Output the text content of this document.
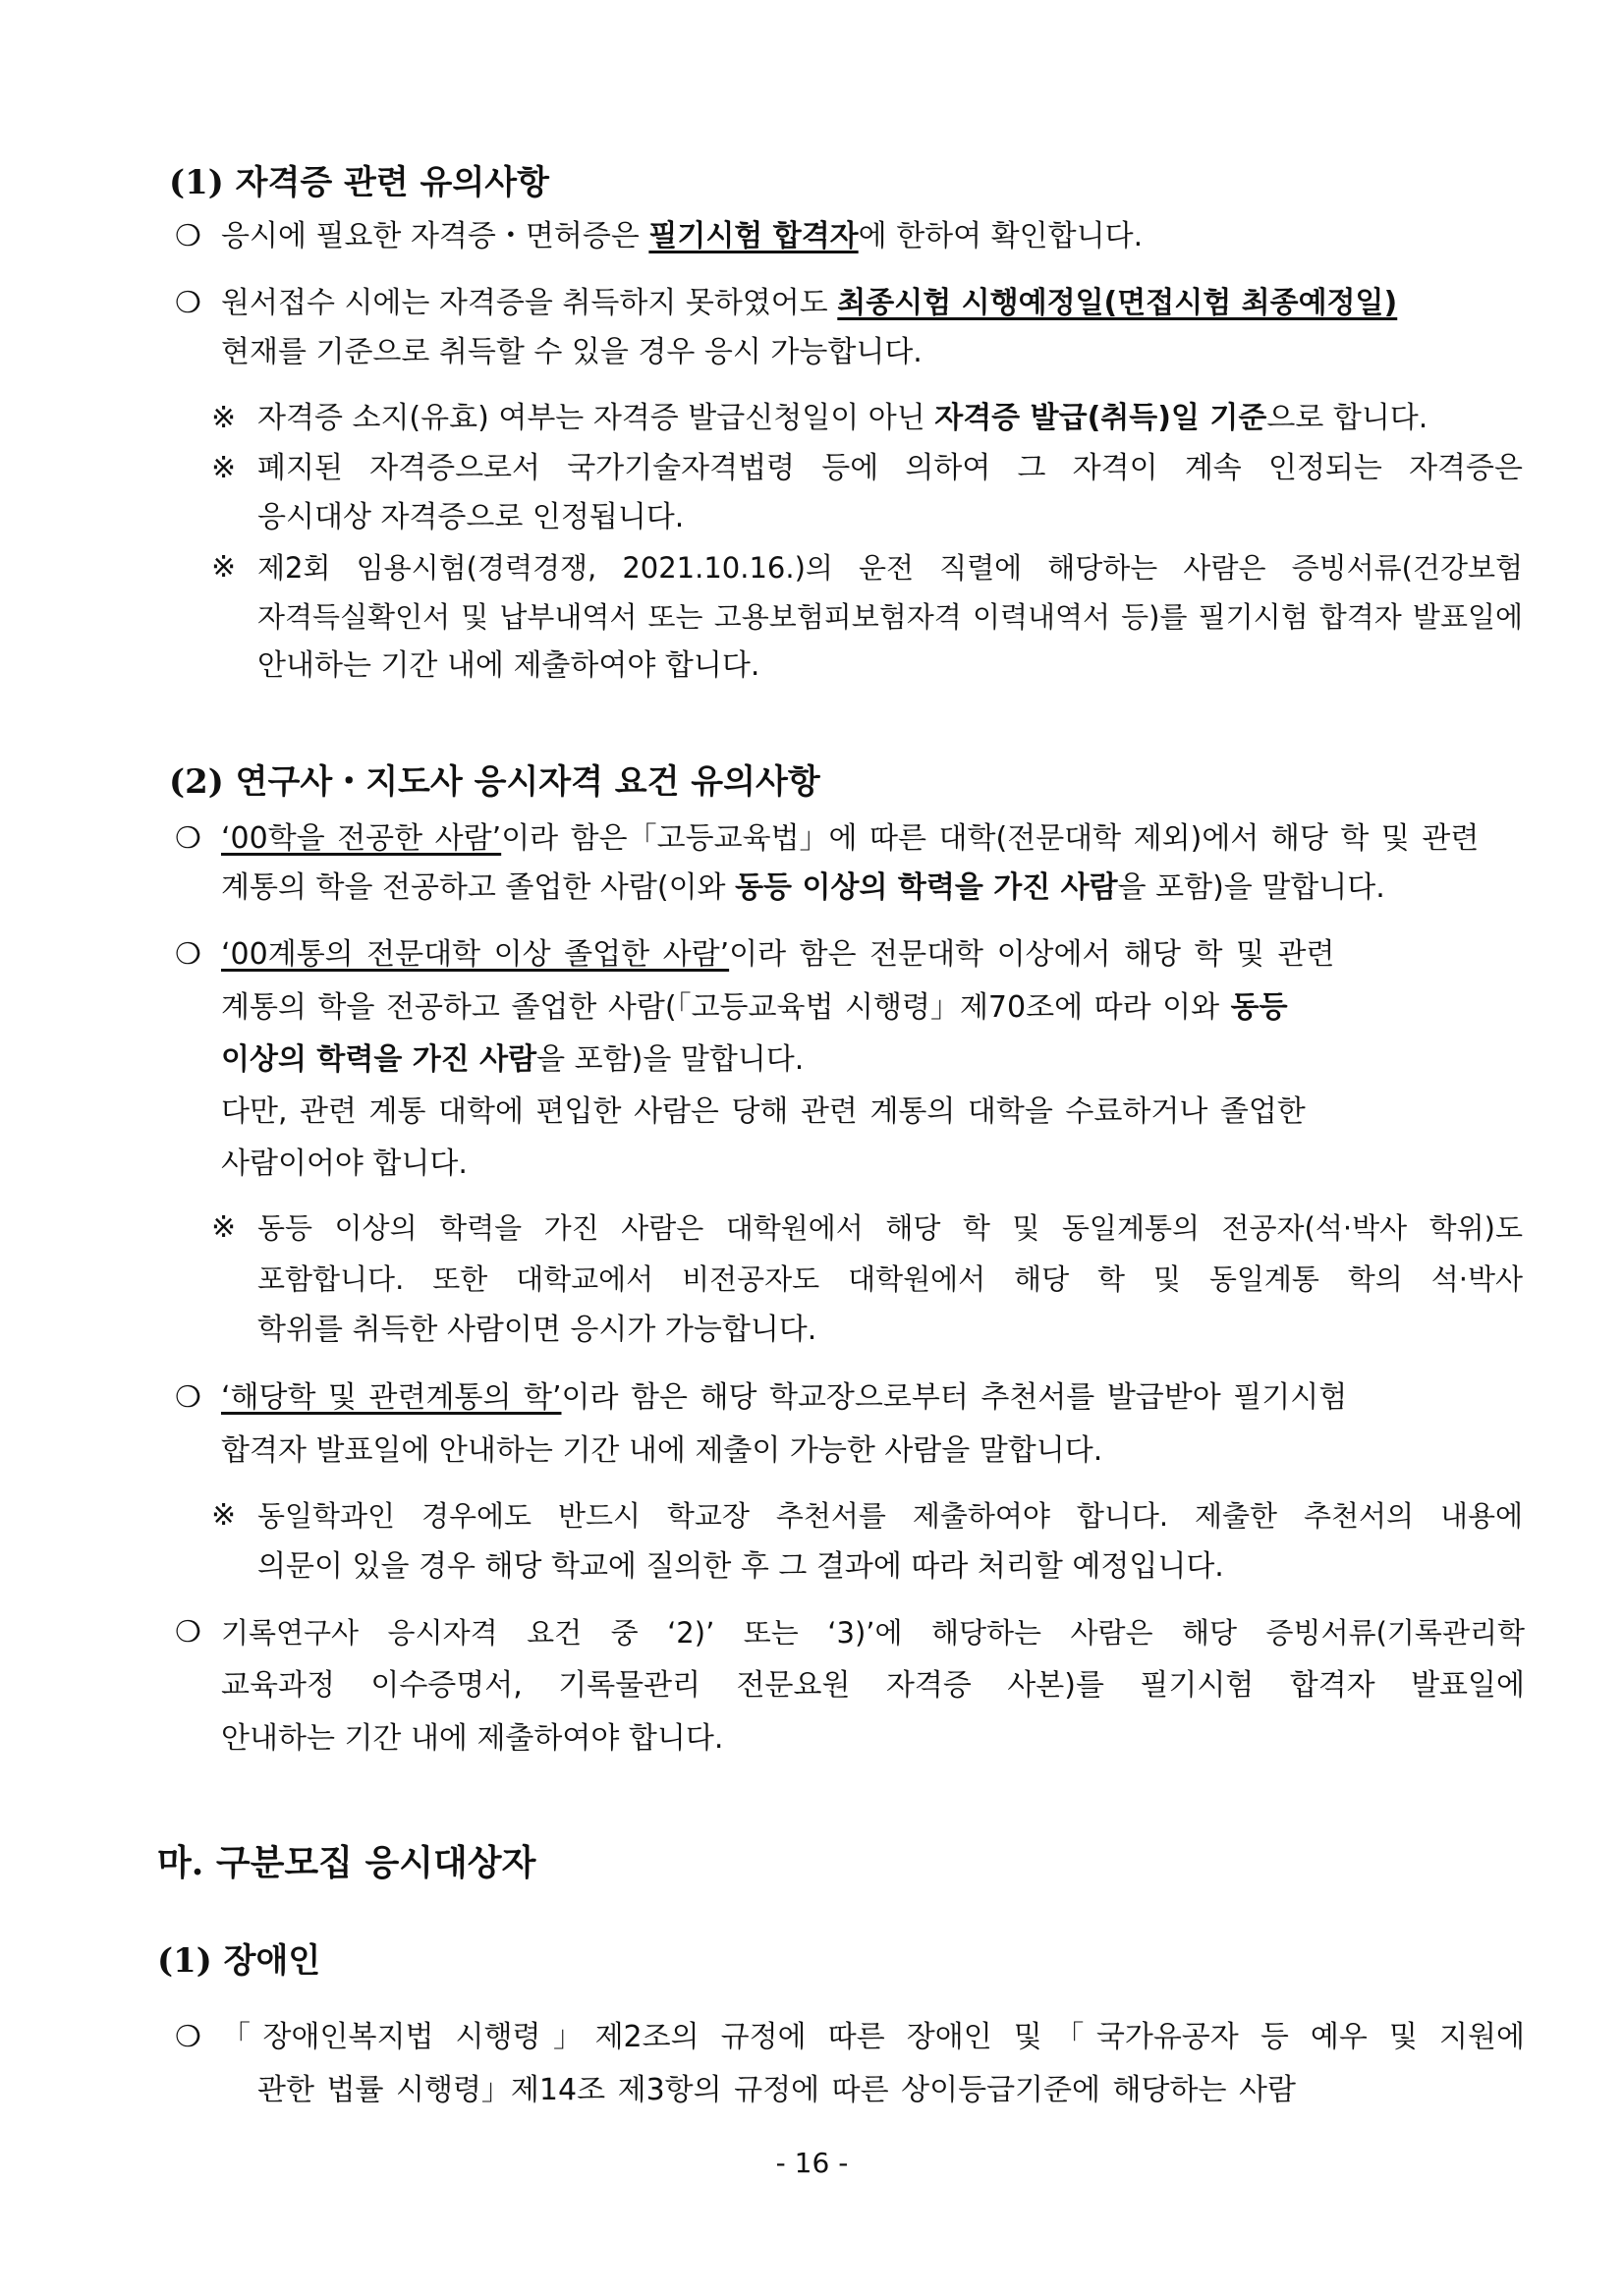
(1) 자격증 관련 유의사항
❍ 응시에 필요한 자격증・면허증은 필기시험 합격자에 한하여 확인합니다.
❍ 원서접수 시에는 자격증을 취득하지 못하였어도 최종시험 시행예정일(면접시험 최종예정일)
현재를 기준으로 취득할 수 있을 경우 응시 가능합니다.
※ 자격증 소지(유효) 여부는 자격증 발급신청일이 아닌 자격증 발급(취득)일 기준으로 합니다.
※ 폐지된 자격증으로서 국가기술자격법령 등에 의하여 그 자격이 계속 인정되는 자격증은
응시대상 자격증으로 인정됩니다.
※ 제2회 임용시험(경력경쟁, 2021.10.16.)의 운전 직렬에 해당하는 사람은 증빙서류(건강보험
자격득실확인서 및 납부내역서 또는 고용보험피보험자격 이력내역서 등)를 필기시험 합격자 발표일에
안내하는 기간 내에 제출하여야 합니다.
(2) 연구사・지도사 응시자격 요건 유의사항
❍ ‘00학을 전공한 사람’이라 함은「고등교육법」에 따른 대학(전문대학 제외)에서 해당 학 및 관련
계통의 학을 전공하고 졸업한 사람(이와 동등 이상의 학력을 가진 사람을 포함)을 말합니다.
❍ ‘00계통의 전문대학 이상 졸업한 사람’이라 함은 전문대학 이상에서 해당 학 및 관련
계통의 학을 전공하고 졸업한 사람(「고등교육법 시행령」제70조에 따라 이와 동등
이상의 학력을 가진 사람을 포함)을 말합니다.
다만, 관련 계통 대학에 편입한 사람은 당해 관련 계통의 대학을 수료하거나 졸업한
사람이어야 합니다.
※ 동등 이상의 학력을 가진 사람은 대학원에서 해당 학 및 동일계통의 전공자(석·박사 학위)도
포함합니다. 또한 대학교에서 비전공자도 대학원에서 해당 학 및 동일계통 학의 석·박사
학위를 취득한 사람이면 응시가 가능합니다.
❍ ‘해당학 및 관련계통의 학’이라 함은 해당 학교장으로부터 추천서를 발급받아 필기시험
합격자 발표일에 안내하는 기간 내에 제출이 가능한 사람을 말합니다.
※ 동일학과인 경우에도 반드시 학교장 추천서를 제출하여야 합니다. 제출한 추천서의 내용에
의문이 있을 경우 해당 학교에 질의한 후 그 결과에 따라 처리할 예정입니다.
❍ 기록연구사 응시자격 요건 중 ‘2)’ 또는 ‘3)’에 해당하는 사람은 해당 증빙서류(기록관리학
교육과정 이수증명서, 기록물관리 전문요원 자격증 사본)를 필기시험 합격자 발표일에
안내하는 기간 내에 제출하여야 합니다.
마. 구분모집 응시대상자
(1) 장애인
❍ 「장애인복지법 시행령」제2조의 규정에 따른 장애인 및「국가유공자 등 예우 및 지원에
관한 법률 시행령」제14조 제3항의 규정에 따른 상이등급기준에 해당하는 사람
- 16 -
